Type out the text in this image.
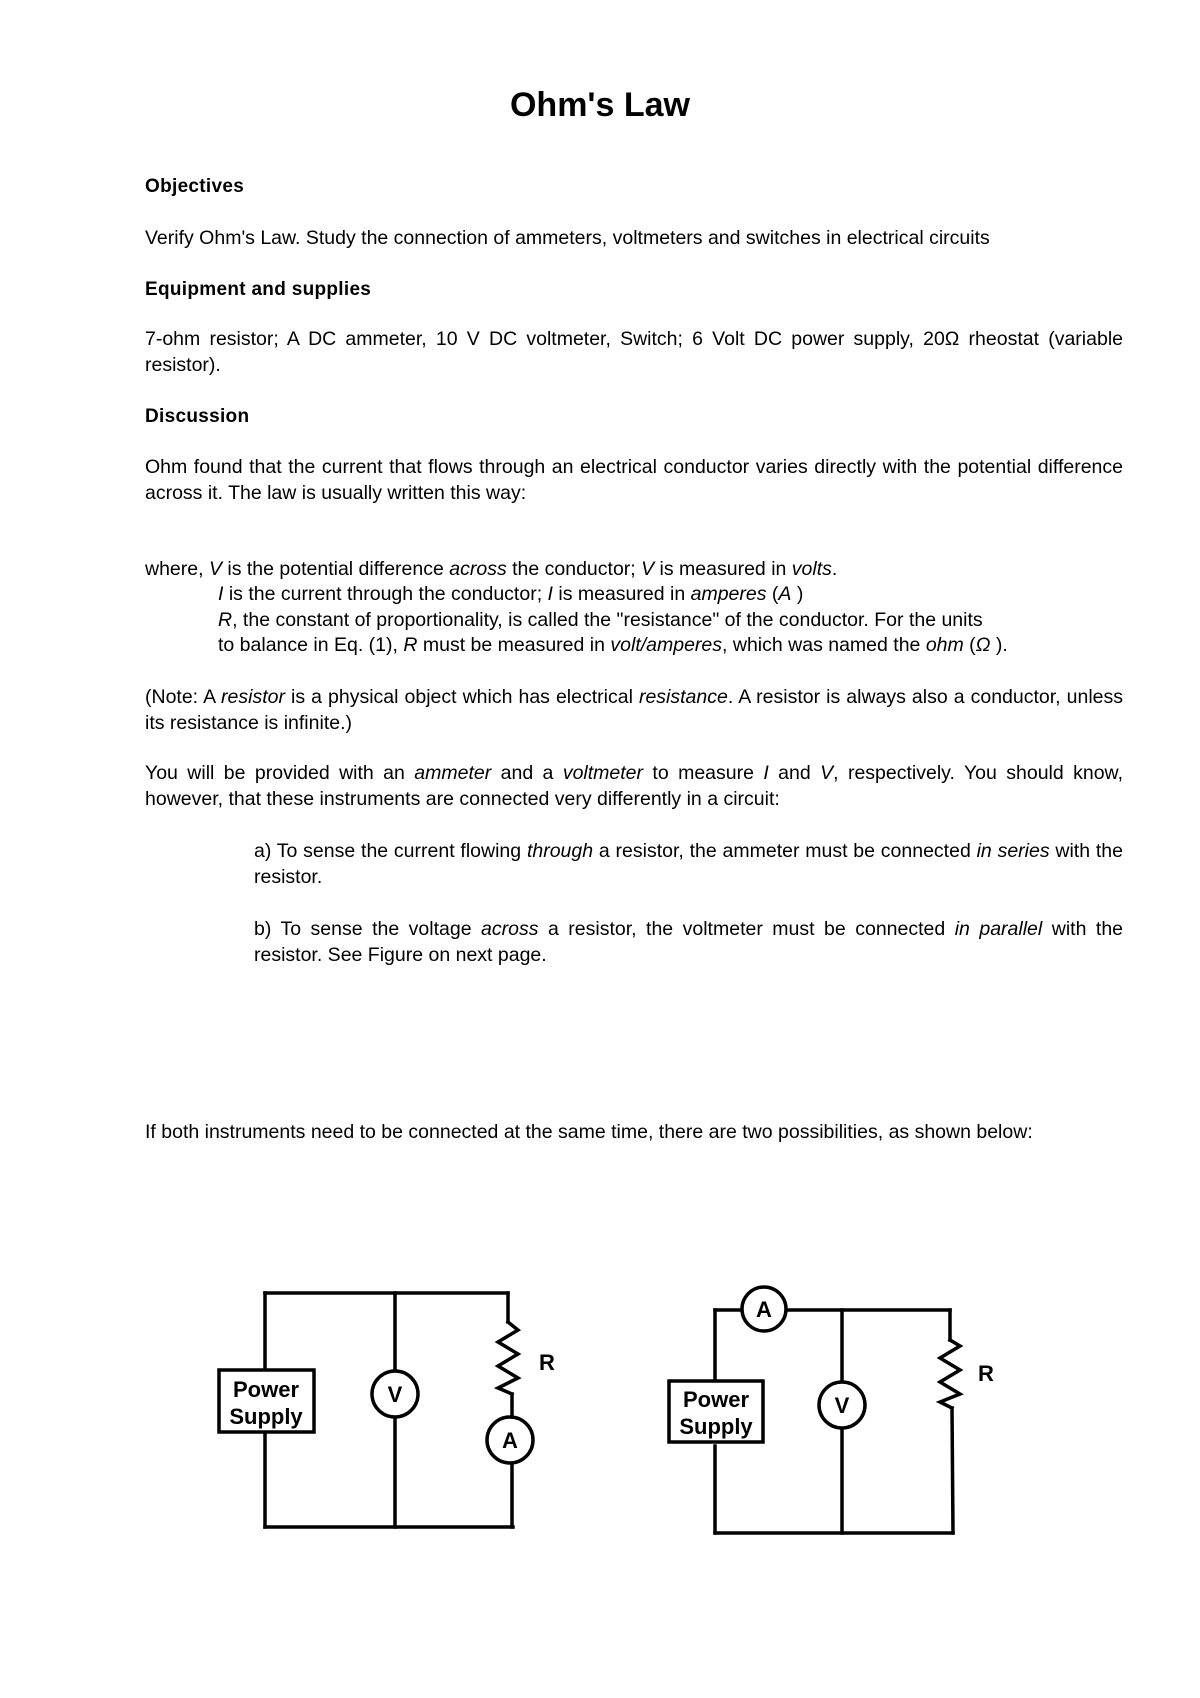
Ohm's Law
Objectives
Verify Ohm's Law. Study the connection of ammeters, voltmeters and switches in electrical circuits
Equipment and supplies
7-ohm resistor; A DC ammeter, 10 V DC voltmeter, Switch; 6 Volt DC power supply, 20Ω rheostat (variable resistor).
Discussion
Ohm found that the current that flows through an electrical conductor varies directly with the potential difference across it. The law is usually written this way:
where, V is the potential difference across the conductor; V is measured in volts.
I is the current through the conductor; I is measured in amperes (A )
R, the constant of proportionality, is called the "resistance" of the conductor. For the units
to balance in Eq. (1), R must be measured in volt/amperes, which was named the ohm (Ω ).
(Note: A resistor is a physical object which has electrical resistance. A resistor is always also a conductor, unless its resistance is infinite.)
You will be provided with an ammeter and a voltmeter to measure I and V, respectively. You should know, however, that these instruments are connected very differently in a circuit:
a) To sense the current flowing through a resistor, the ammeter must be connected in series with the resistor.
b) To sense the voltage across a resistor, the voltmeter must be connected in parallel with the resistor. See Figure on next page.
If both instruments need to be connected at the same time, there are two possibilities, as shown below:
Power
Supply
V
A
R
Power
Supply
V
A
R
